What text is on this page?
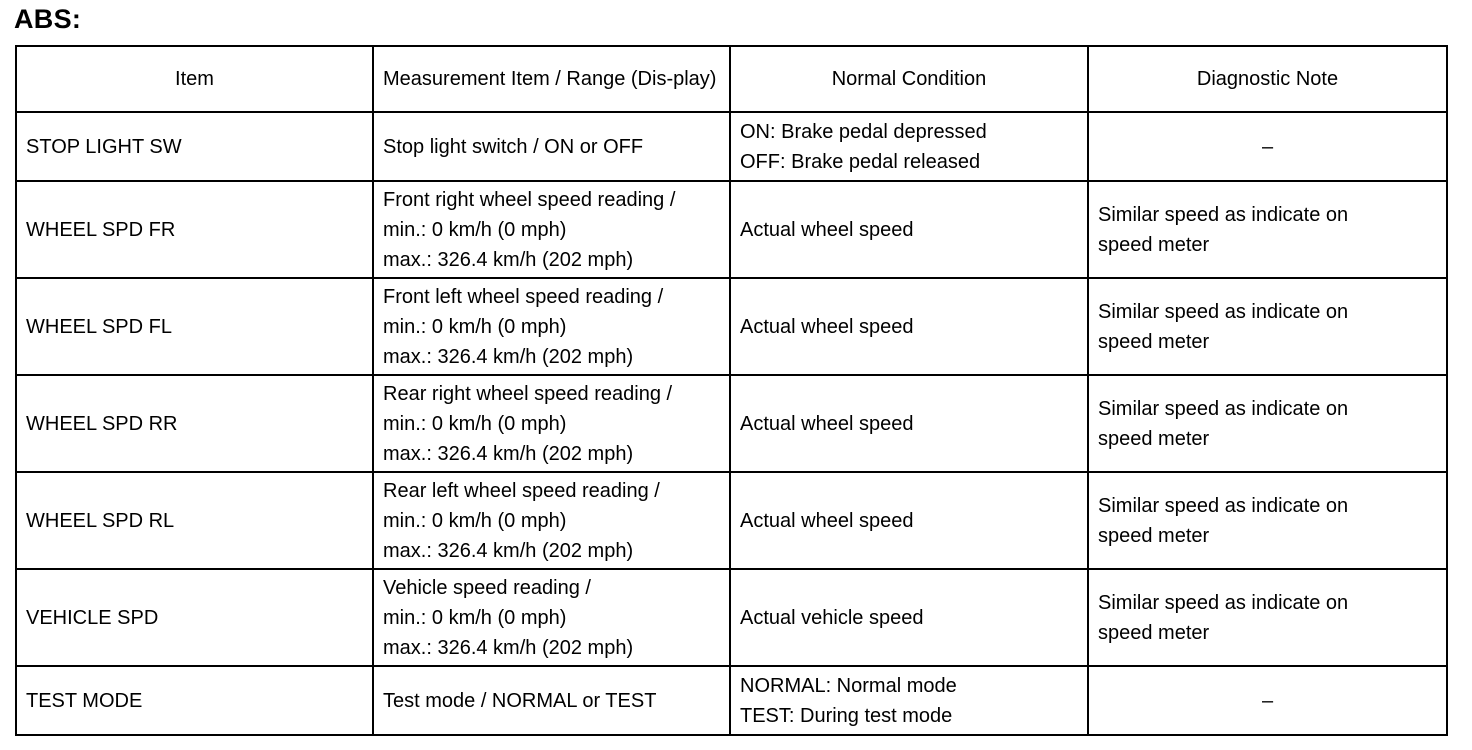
ABS:
Item	Measurement Item / Range (Dis-play)	Normal Condition	Diagnostic Note
STOP LIGHT SW	Stop light switch / ON or OFF	ON: Brake pedal depressed
OFF: Brake pedal released	–

WHEEL SPD FR	Front right wheel speed reading /
min.: 0 km/h (0 mph)
max.: 326.4 km/h (202 mph)	Actual wheel speed	Similar speed as indicate on
speed meter

WHEEL SPD FL	Front left wheel speed reading /
min.: 0 km/h (0 mph)
max.: 326.4 km/h (202 mph)	Actual wheel speed	Similar speed as indicate on
speed meter

WHEEL SPD RR	Rear right wheel speed reading /
min.: 0 km/h (0 mph)
max.: 326.4 km/h (202 mph)	Actual wheel speed	Similar speed as indicate on
speed meter

WHEEL SPD RL	Rear left wheel speed reading /
min.: 0 km/h (0 mph)
max.: 326.4 km/h (202 mph)	Actual wheel speed	Similar speed as indicate on
speed meter

VEHICLE SPD	Vehicle speed reading /
min.: 0 km/h (0 mph)
max.: 326.4 km/h (202 mph)	Actual vehicle speed	Similar speed as indicate on
speed meter

TEST MODE	Test mode / NORMAL or TEST	NORMAL: Normal mode
TEST: During test mode	–
